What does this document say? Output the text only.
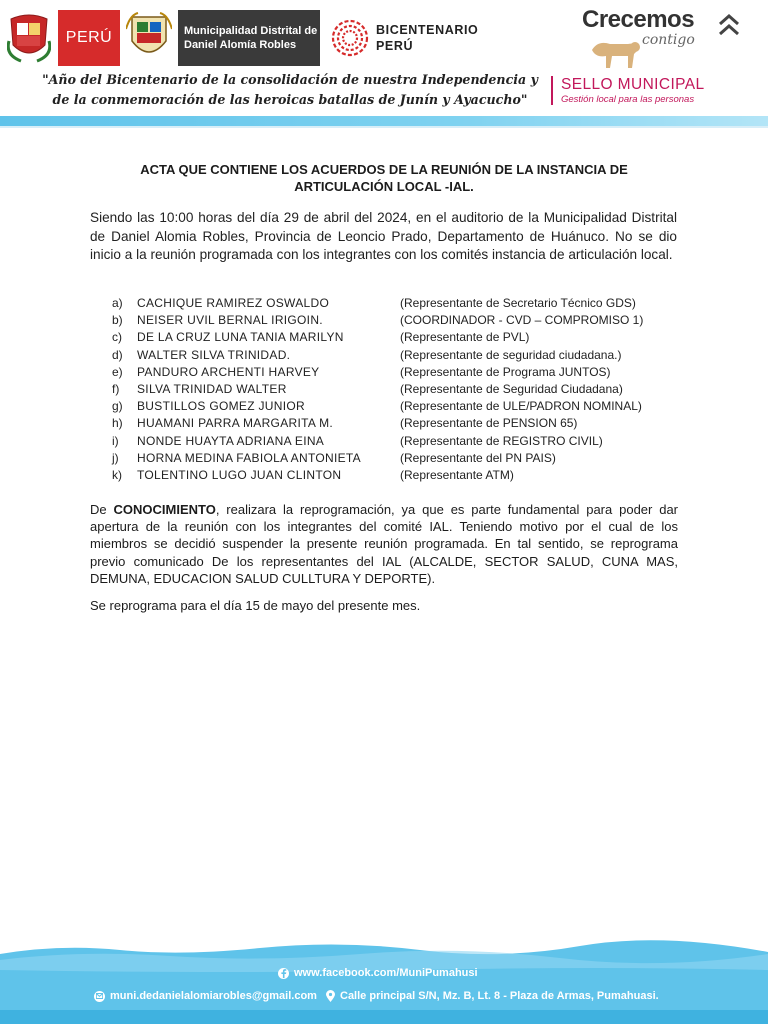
PERÚ	Municipalidad Distrital de
Daniel Alomía Robles
BICENTENARIO
PERÚ
Crecemos
contigo
SELLO MUNICIPAL
Gestión local para las personas
"Año del Bicentenario de la consolidación de nuestra Independencia y
de la conmemoración de las heroicas batallas de Junín y Ayacucho"
ACTA QUE CONTIENE LOS ACUERDOS DE LA REUNIÓN DE LA INSTANCIA DE
ARTICULACIÓN LOCAL -IAL.
Siendo las 10:00 horas del día 29 de abril del 2024, en el auditorio de la Municipalidad Distrital de Daniel Alomia Robles, Provincia de Leoncio Prado, Departamento de Huánuco. No se dio inicio a la reunión programada con los integrantes con los comités instancia de articulación local.
a) CACHIQUE RAMIREZ OSWALDO	(Representante de Secretario Técnico GDS)
b) NEISER UVIL BERNAL IRIGOIN.	(COORDINADOR - CVD – COMPROMISO 1)
c) DE LA CRUZ LUNA TANIA MARILYN	(Representante de PVL)
d) WALTER SILVA TRINIDAD.	(Representante de seguridad ciudadana.)
e) PANDURO ARCHENTI HARVEY	(Representante de Programa JUNTOS)
f) SILVA TRINIDAD WALTER	(Representante de Seguridad Ciudadana)
g) BUSTILLOS GOMEZ JUNIOR	(Representante de ULE/PADRON NOMINAL)
h) HUAMANI PARRA MARGARITA M.	(Representante de PENSION 65)
i) NONDE HUAYTA ADRIANA EINA	(Representante de REGISTRO CIVIL)
j) HORNA MEDINA FABIOLA ANTONIETA	(Representante del PN PAIS)
k) TOLENTINO LUGO JUAN CLINTON	(Representante ATM)
De CONOCIMIENTO, realizara la reprogramación, ya que es parte fundamental para poder dar apertura de la reunión con los integrantes del comité IAL. Teniendo motivo por el cual de los miembros se decidió suspender la presente reunión programada. En tal sentido, se reprograma previo comunicado De los representantes del IAL (ALCALDE, SECTOR SALUD, CUNA MAS, DEMUNA, EDUCACION SALUD CULLTURA Y DEPORTE).
Se reprograma para el día 15 de mayo del presente mes.
www.facebook.com/MuniPumahusi
muni.dedanielalomiarobles@gmail.com Calle principal S/N, Mz. B, Lt. 8 - Plaza de Armas, Pumahuasi.
